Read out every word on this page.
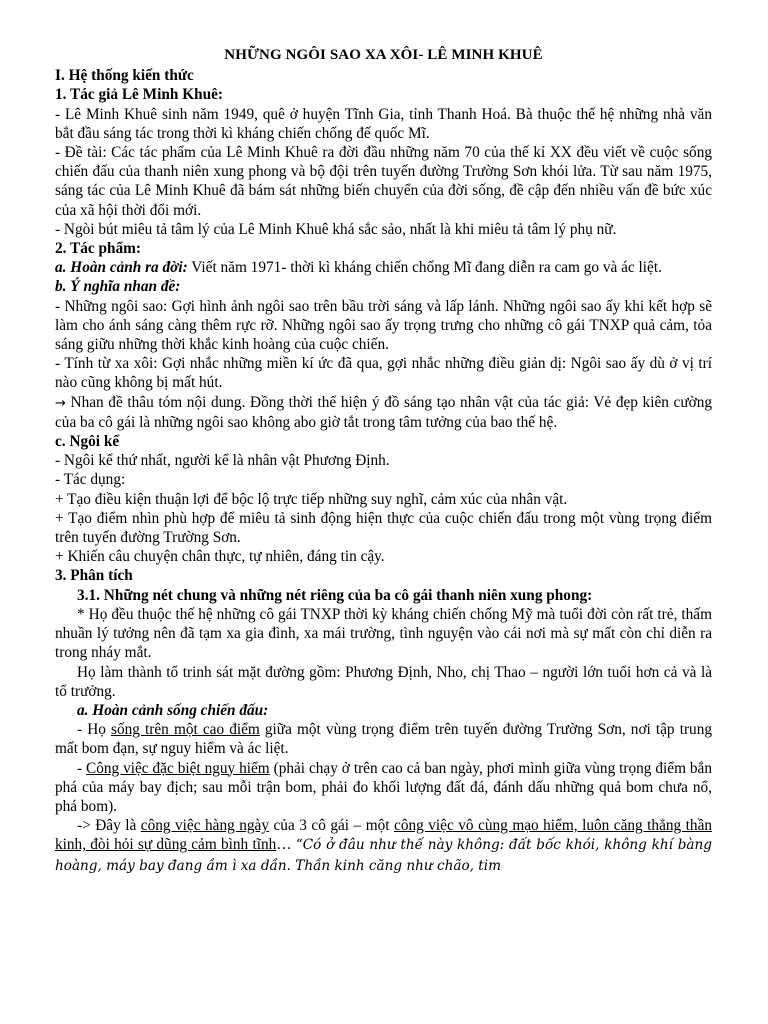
NHỮNG NGÔI SAO XA XÔI- LÊ MINH KHUÊ
I. Hệ thống kiến thức
1. Tác giả Lê Minh Khuê:
- Lê Minh Khuê sinh năm 1949, quê ở huyện Tĩnh Gia, tỉnh Thanh Hoá. Bà thuộc thế hệ những nhà văn bắt đầu sáng tác trong thời kì kháng chiến chống đế quốc Mĩ.
- Đề tài: Các tác phẩm của Lê Minh Khuê ra đời đầu những năm 70 của thế kỉ XX đều viết về cuộc sống chiến đấu của thanh niên xung phong và bộ đội trên tuyến đường Trường Sơn khói lửa. Từ sau năm 1975, sáng tác của Lê Minh Khuê đã bám sát những biến chuyển của đời sống, đề cập đến nhiều vấn đề bức xúc của xã hội thời đổi mới.
- Ngòi bút miêu tả tâm lý của Lê Minh Khuê khá sắc sảo, nhất là khi miêu tả tâm lý phụ nữ.
2. Tác phẩm:
a. Hoàn cảnh ra đời: Viết năm 1971- thời kì kháng chiến chống Mĩ đang diễn ra cam go và ác liệt.
b. Ý nghĩa nhan đề:
- Những ngôi sao: Gợi hình ảnh ngôi sao trên bầu trời sáng và lấp lánh. Những ngôi sao ấy khi kết hợp sẽ làm cho ánh sáng càng thêm rực rỡ. Những ngôi sao ấy trọng trưng cho những cô gái TNXP quả cảm, tỏa sáng giữu những thời khắc kinh hoàng của cuộc chiến.
- Tính từ xa xôi: Gợi nhắc những miền kí ức đã qua, gợi nhắc những điều giản dị: Ngôi sao ấy dù ở vị trí nào cũng không bị mất hút.
→ Nhan đề thâu tóm nội dung. Đồng thời thể hiện ý đồ sáng tạo nhân vật của tác giả: Vẻ đẹp kiên cường của ba cô gái là những ngôi sao không abo giờ tắt trong tâm tưởng của bao thế hệ.
c. Ngôi kể
- Ngôi kể thứ nhất, người kể là nhân vật Phương Định.
- Tác dụng:
+ Tạo điều kiện thuận lợi để bộc lộ trực tiếp những suy nghĩ, cảm xúc của nhân vật.
+ Tạo điểm nhìn phù hợp để miêu tả sinh động hiện thực của cuộc chiến đấu trong một vùng trọng điểm trên tuyến đường Trường Sơn.
+ Khiến câu chuyện chân thực, tự nhiên, đáng tin cậy.
3. Phân tích
3.1. Những nét chung và những nét riêng của ba cô gái thanh niên xung phong:
* Họ đều thuộc thế hệ những cô gái TNXP thời kỳ kháng chiến chống Mỹ mà tuổi đời còn rất trẻ, thấm nhuần lý tưởng nên đã tạm xa gia đình, xa mái trường, tình nguyện vào cái nơi mà sự mất còn chỉ diễn ra trong nháy mắt.
Họ làm thành tổ trinh sát mặt đường gồm: Phương Định, Nho, chị Thao – người lớn tuổi hơn cả và là tổ trưởng.
a. Hoàn cảnh sống chiến đấu:
- Họ sống trên một cao điểm giữa một vùng trọng điểm trên tuyến đường Trường Sơn, nơi tập trung mất bom đạn, sự nguy hiểm và ác liệt.
- Công việc đặc biệt nguy hiểm (phải chạy ở trên cao cả ban ngày, phơi mình giữa vùng trọng điểm bắn phá của máy bay địch; sau mỗi trận bom, phải đo khối lượng đất đá, đánh dấu những quả bom chưa nổ, phá bom).
-> Đây là công việc hàng ngày của 3 cô gái – một công việc vô cùng mạo hiểm, luôn căng thẳng thần kinh, đòi hỏi sự dũng cảm bình tĩnh… “Có ở đâu như thế này không: đất bốc khói, không khí bàng hoàng, máy bay đang ầm ì xa dần. Thần kinh căng như chão, tim
